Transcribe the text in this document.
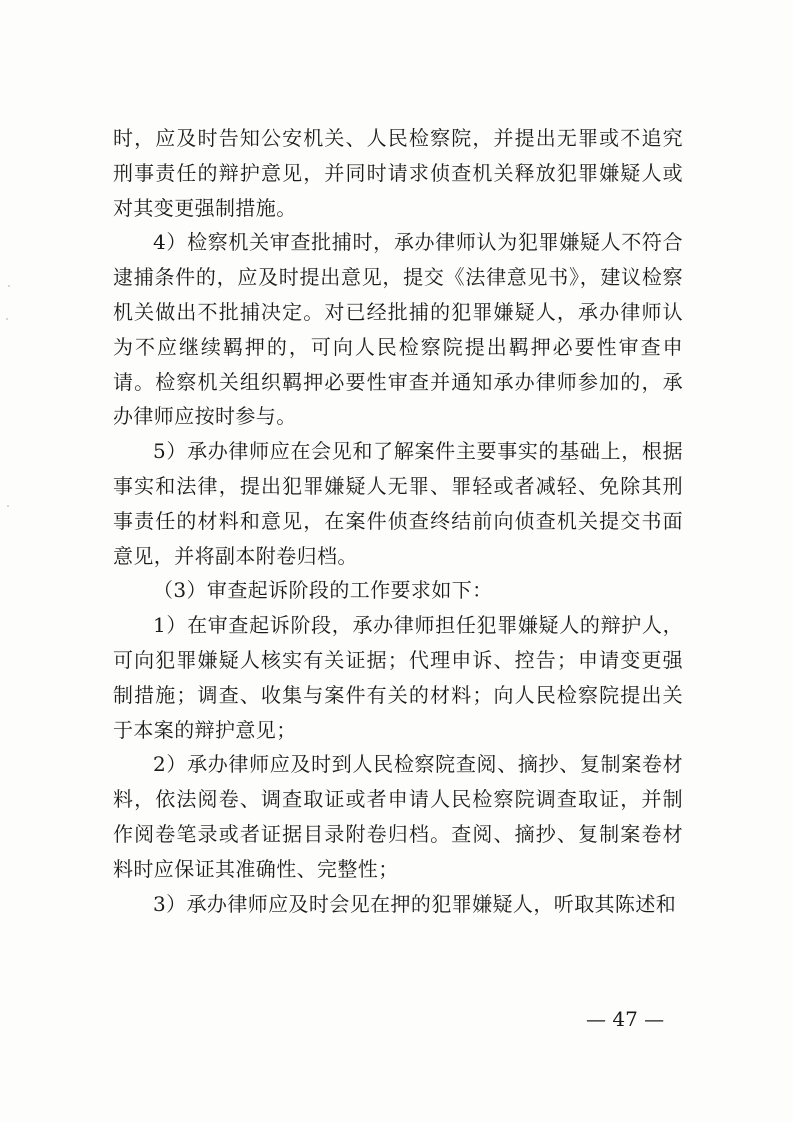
时，应及时告知公安机关、人民检察院，并提出无罪或不追究刑事责任的辩护意见，并同时请求侦查机关释放犯罪嫌疑人或对其变更强制措施。

4）检察机关审查批捕时，承办律师认为犯罪嫌疑人不符合逮捕条件的，应及时提出意见，提交《法律意见书》，建议检察机关做出不批捕决定。对已经批捕的犯罪嫌疑人，承办律师认为不应继续羁押的，可向人民检察院提出羁押必要性审查申请。检察机关组织羁押必要性审查并通知承办律师参加的，承办律师应按时参与。

5）承办律师应在会见和了解案件主要事实的基础上，根据事实和法律，提出犯罪嫌疑人无罪、罪轻或者减轻、免除其刑事责任的材料和意见，在案件侦查终结前向侦查机关提交书面意见，并将副本附卷归档。

（3）审查起诉阶段的工作要求如下：

1）在审查起诉阶段，承办律师担任犯罪嫌疑人的辩护人，可向犯罪嫌疑人核实有关证据；代理申诉、控告；申请变更强制措施；调查、收集与案件有关的材料；向人民检察院提出关于本案的辩护意见；

2）承办律师应及时到人民检察院查阅、摘抄、复制案卷材料，依法阅卷、调查取证或者申请人民检察院调查取证，并制作阅卷笔录或者证据目录附卷归档。查阅、摘抄、复制案卷材料时应保证其准确性、完整性；

3）承办律师应及时会见在押的犯罪嫌疑人，听取其陈述和

— 47 —
